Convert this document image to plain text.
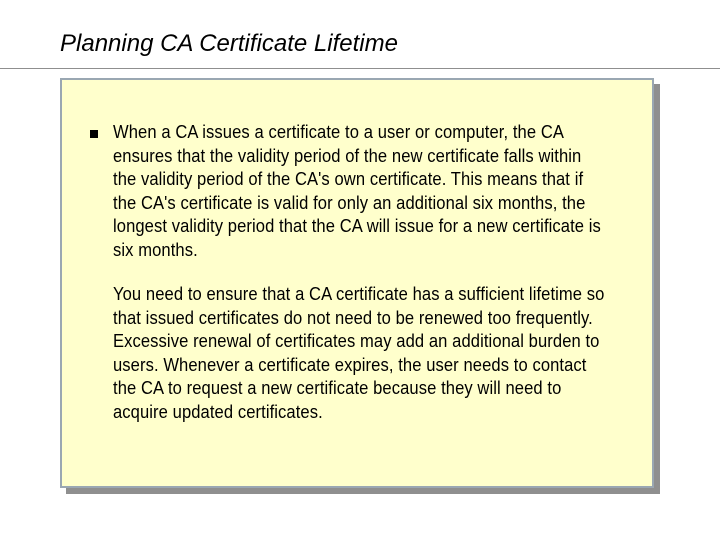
Planning CA Certificate Lifetime

When a CA issues a certificate to a user or computer, the CA ensures that the validity period of the new certificate falls within the validity period of the CA's own certificate. This means that if the CA's certificate is valid for only an additional six months, the longest validity period that the CA will issue for a new certificate is six months.

You need to ensure that a CA certificate has a sufficient lifetime so that issued certificates do not need to be renewed too frequently. Excessive renewal of certificates may add an additional burden to users. Whenever a certificate expires, the user needs to contact the CA to request a new certificate because they will need to acquire updated certificates.
